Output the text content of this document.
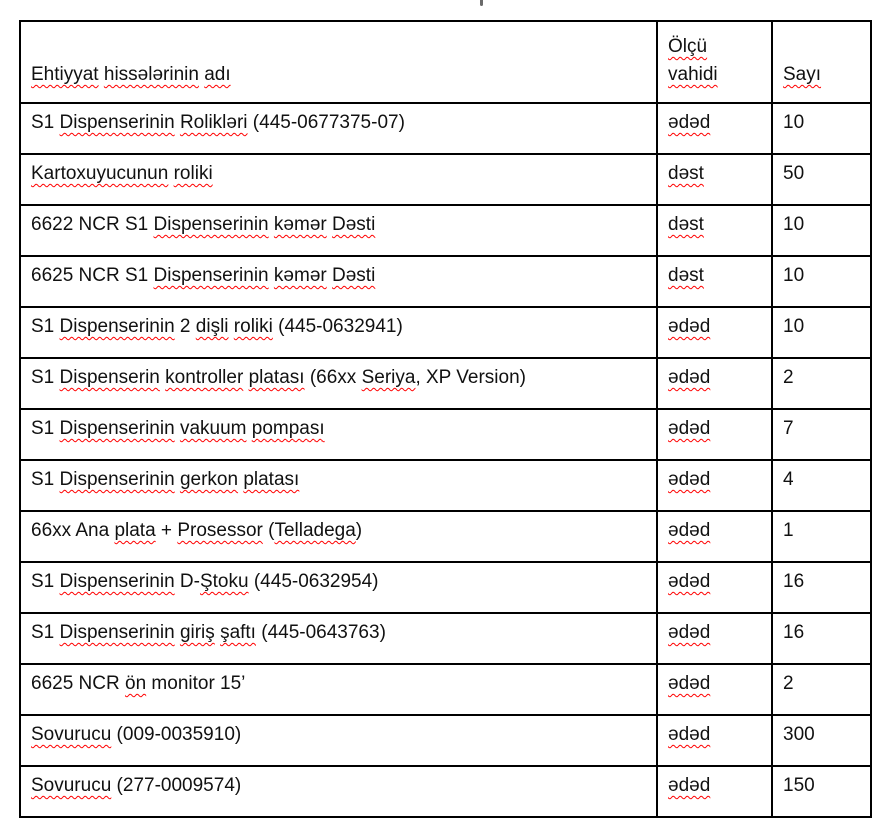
Ehtiyyat hissələrinin adı	Ölçü vahidi	Sayı
S1 Dispenserinin Rolikləri (445-0677375-07)	ədəd	10
Kartoxuyucunun roliki	dəst	50
6622 NCR S1 Dispenserinin kəmər Dəsti	dəst	10
6625 NCR S1 Dispenserinin kəmər Dəsti	dəst	10
S1 Dispenserinin 2 dişli roliki (445-0632941)	ədəd	10
S1 Dispenserin kontroller platası (66xx Seriya, XP Version)	ədəd	2
S1 Dispenserinin vakuum pompası	ədəd	7
S1 Dispenserinin gerkon platası	ədəd	4
66xx Ana plata + Prosessor (Telladega)	ədəd	1
S1 Dispenserinin D-Ştoku (445-0632954)	ədəd	16
S1 Dispenserinin giriş şaftı (445-0643763)	ədəd	16
6625 NCR ön monitor 15’	ədəd	2
Sovurucu (009-0035910)	ədəd	300
Sovurucu (277-0009574)	ədəd	150
